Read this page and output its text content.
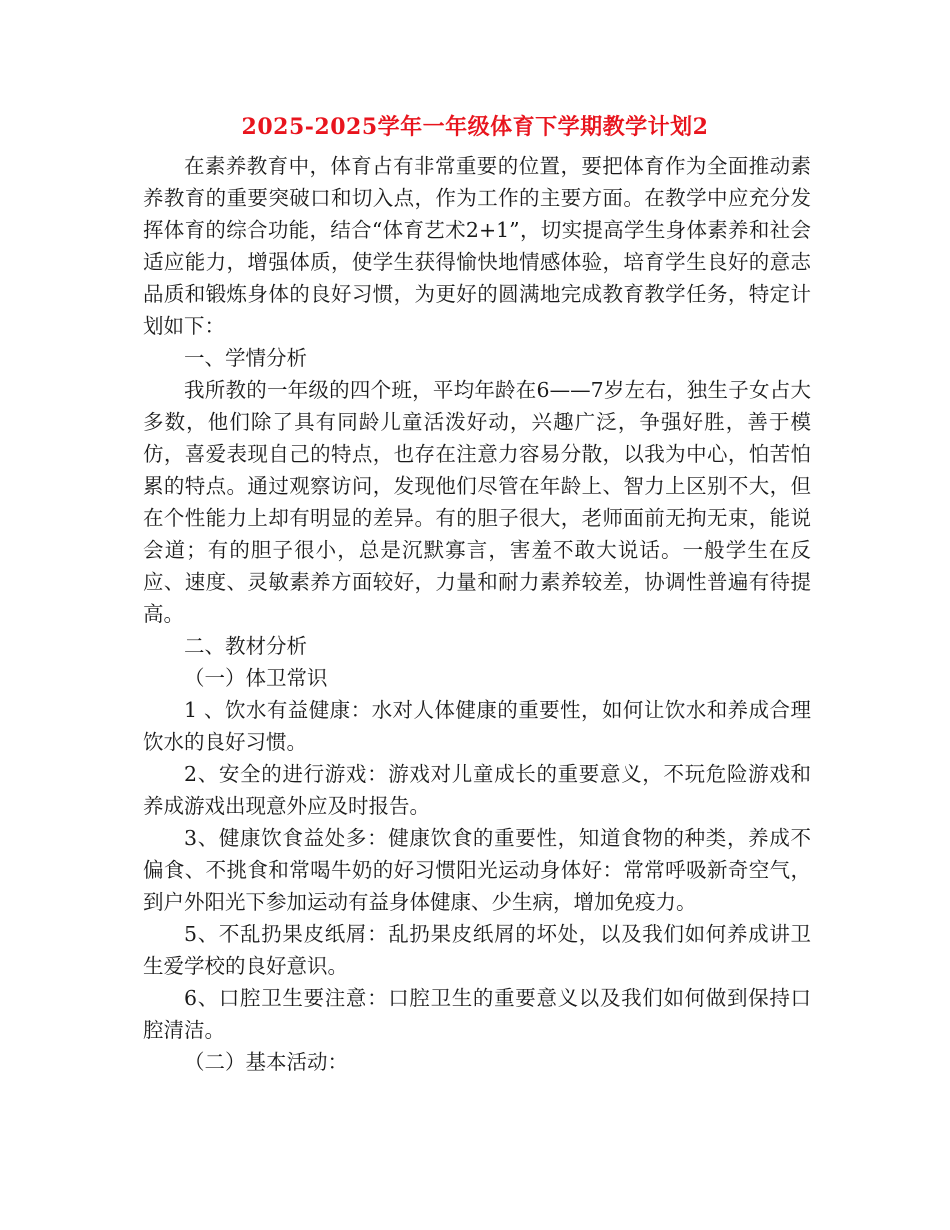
2025-2025学年一年级体育下学期教学计划2

在素养教育中，体育占有非常重要的位置，要把体育作为全面推动素养教育的重要突破口和切入点，作为工作的主要方面。在教学中应充分发挥体育的综合功能，结合“体育艺术2+1”，切实提高学生身体素养和社会适应能力，增强体质，使学生获得愉快地情感体验，培育学生良好的意志品质和锻炼身体的良好习惯，为更好的圆满地完成教育教学任务，特定计划如下：

一、学情分析

我所教的一年级的四个班，平均年龄在6——7岁左右，独生子女占大多数，他们除了具有同龄儿童活泼好动，兴趣广泛，争强好胜，善于模仿，喜爱表现自己的特点，也存在注意力容易分散，以我为中心，怕苦怕累的特点。通过观察访问，发现他们尽管在年龄上、智力上区别不大，但在个性能力上却有明显的差异。有的胆子很大，老师面前无拘无束，能说会道；有的胆子很小，总是沉默寡言，害羞不敢大说话。一般学生在反应、速度、灵敏素养方面较好，力量和耐力素养较差，协调性普遍有待提高。

二、教材分析

（一）体卫常识

1 、饮水有益健康：水对人体健康的重要性，如何让饮水和养成合理饮水的良好习惯。

2、安全的进行游戏：游戏对儿童成长的重要意义，不玩危险游戏和养成游戏出现意外应及时报告。

3、健康饮食益处多：健康饮食的重要性，知道食物的种类，养成不偏食、不挑食和常喝牛奶的好习惯阳光运动身体好：常常呼吸新奇空气，到户外阳光下参加运动有益身体健康、少生病，增加免疫力。

5、不乱扔果皮纸屑：乱扔果皮纸屑的坏处，以及我们如何养成讲卫生爱学校的良好意识。

6、口腔卫生要注意：口腔卫生的重要意义以及我们如何做到保持口腔清洁。

（二）基本活动：
